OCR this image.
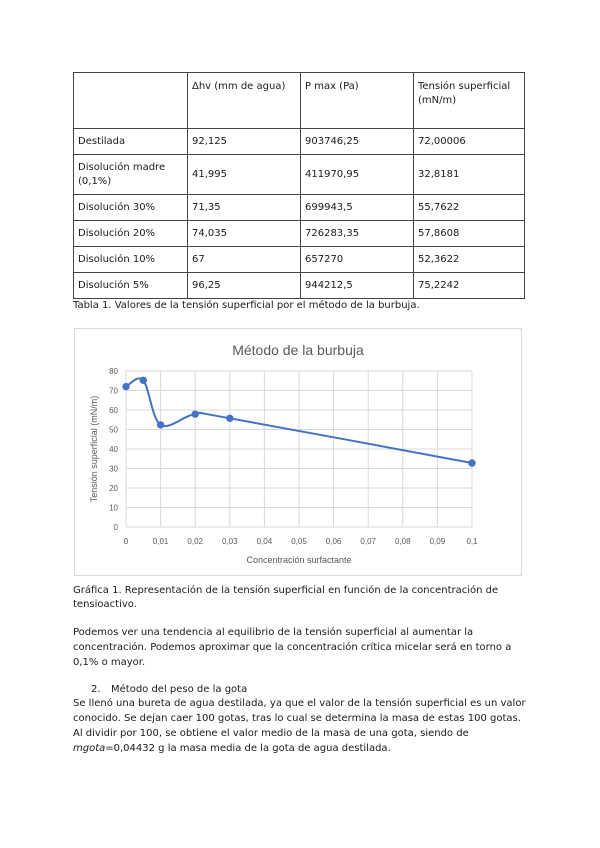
	Δhv (mm de agua)	P max (Pa)	Tensión superficial (mN/m)
Destilada	92,125	903746,25	72,00006
Disolución madre (0,1%)	41,995	411970,95	32,8181
Disolución 30%	71,35	699943,5	55,7622
Disolución 20%	74,035	726283,35	57,8608
Disolución 10%	67	657270	52,3622
Disolución 5%	96,25	944212,5	75,2242
Tabla 1. Valores de la tensión superficial por el método de la burbuja.
Método de la burbuja
0
10
20
30
40
50
60
70
80
0	0,01 0,02 0,03 0,04 0,05 0,06 0,07 0,08 0,09	0,1
Concentración surfactante
Tensión superficial (mN/m)
Gráfica 1. Representación de la tensión superficial en función de la concentración de tensioactivo.
Podemos ver una tendencia al equilibrio de la tensión superficial al aumentar la concentración. Podemos aproximar que la concentración crítica micelar será en torno a 0,1% o mayor.
2. Método del peso de la gota
Se llenó una bureta de agua destilada, ya que el valor de la tensión superficial es un valor conocido. Se dejan caer 100 gotas, tras lo cual se determina la masa de estas 100 gotas. Al dividir por 100, se obtiene el valor medio de la masa de una gota, siendo de mgota=0,04432 g la masa media de la gota de agua destilada.
